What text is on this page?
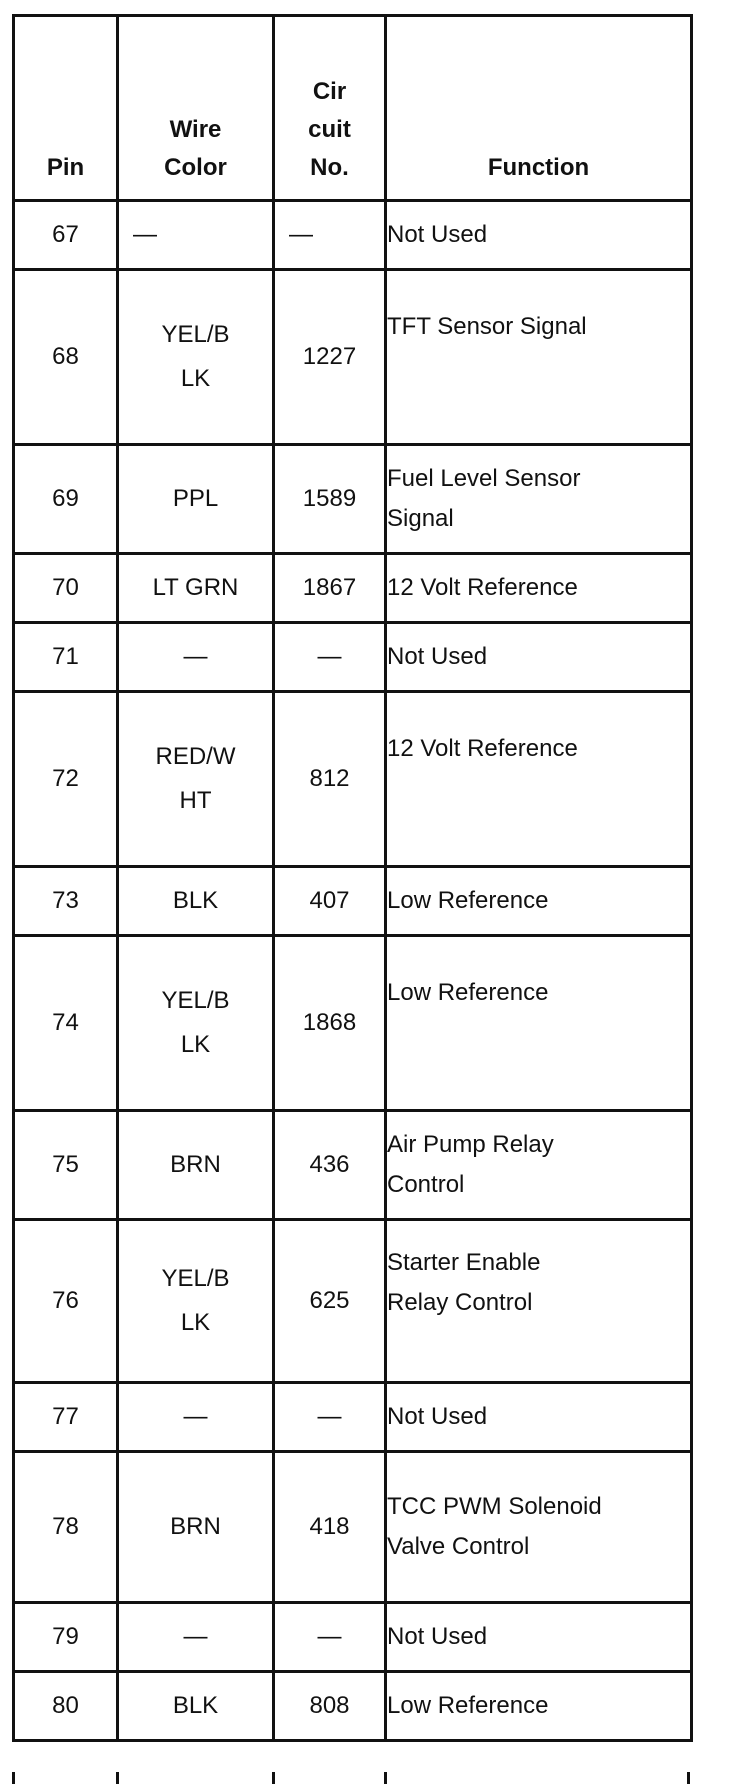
Pin	Wire Color	Cir cuit No.	Function
67	—	—	Not Used
68	YEL/B LK	1227	TFT Sensor Signal
69	PPL	1589	Fuel Level Sensor Signal
70	LT GRN	1867	12 Volt Reference
71	—	—	Not Used
72	RED/W HT	812	12 Volt Reference
73	BLK	407	Low Reference
74	YEL/B LK	1868	Low Reference
75	BRN	436	Air Pump Relay Control
76	YEL/B LK	625	Starter Enable Relay Control
77	—	—	Not Used
78	BRN	418	TCC PWM Solenoid Valve Control
79	—	—	Not Used
80	BLK	808	Low Reference
